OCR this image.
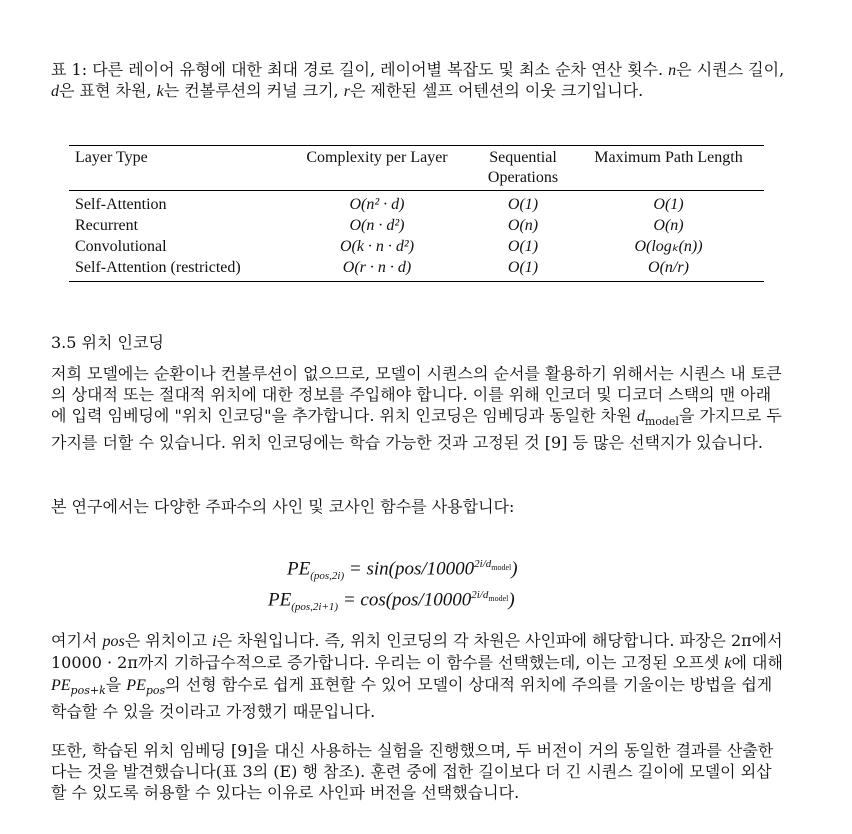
표 1: 다른 레이어 유형에 대한 최대 경로 길이, 레이어별 복잡도 및 최소 순차 연산 횟수. n은 시퀀스 길이, d은 표현 차원, k는 컨볼루션의 커널 크기, r은 제한된 셀프 어텐션의 이웃 크기입니다.

Layer Type	Complexity per Layer	Sequential Operations	Maximum Path Length
Self-Attention	O(n² · d)	O(1)	O(1)
Recurrent	O(n · d²)	O(n)	O(n)
Convolutional	O(k · n · d²)	O(1)	O(logₖ(n))
Self-Attention (restricted)	O(r · n · d)	O(1)	O(n/r)
3.5 위치 인코딩

저희 모델에는 순환이나 컨볼루션이 없으므로, 모델이 시퀀스의 순서를 활용하기 위해서는 시퀀스 내 토큰의 상대적 또는 절대적 위치에 대한 정보를 주입해야 합니다. 이를 위해 인코더 및 디코더 스택의 맨 아래에 입력 임베딩에 "위치 인코딩"을 추가합니다. 위치 인코딩은 임베딩과 동일한 차원 $d_{model}$을 가지므로 두 가지를 더할 수 있습니다. 위치 인코딩에는 학습 가능한 것과 고정된 것 [9] 등 많은 선택지가 있습니다.

본 연구에서는 다양한 주파수의 사인 및 코사인 함수를 사용합니다:

$PE_{(pos,2i)} = \sin(pos/10000^{2i/d_{model}})$
$PE_{(pos,2i+1)} = \cos(pos/10000^{2i/d_{model}})$

여기서 pos은 위치이고 i은 차원입니다. 즉, 위치 인코딩의 각 차원은 사인파에 해당합니다. 파장은 2π에서 10000 · 2π까지 기하급수적으로 증가합니다. 우리는 이 함수를 선택했는데, 이는 고정된 오프셋 k에 대해 $PE_{pos+k}$을 $PE_{pos}$의 선형 함수로 쉽게 표현할 수 있어 모델이 상대적 위치에 주의를 기울이는 방법을 쉽게 학습할 수 있을 것이라고 가정했기 때문입니다.

또한, 학습된 위치 임베딩 [9]을 대신 사용하는 실험을 진행했으며, 두 버전이 거의 동일한 결과를 산출한다는 것을 발견했습니다(표 3의 (E) 행 참조). 훈련 중에 접한 길이보다 더 긴 시퀀스 길이에 모델이 외삽할 수 있도록 허용할 수 있다는 이유로 사인파 버전을 선택했습니다.
